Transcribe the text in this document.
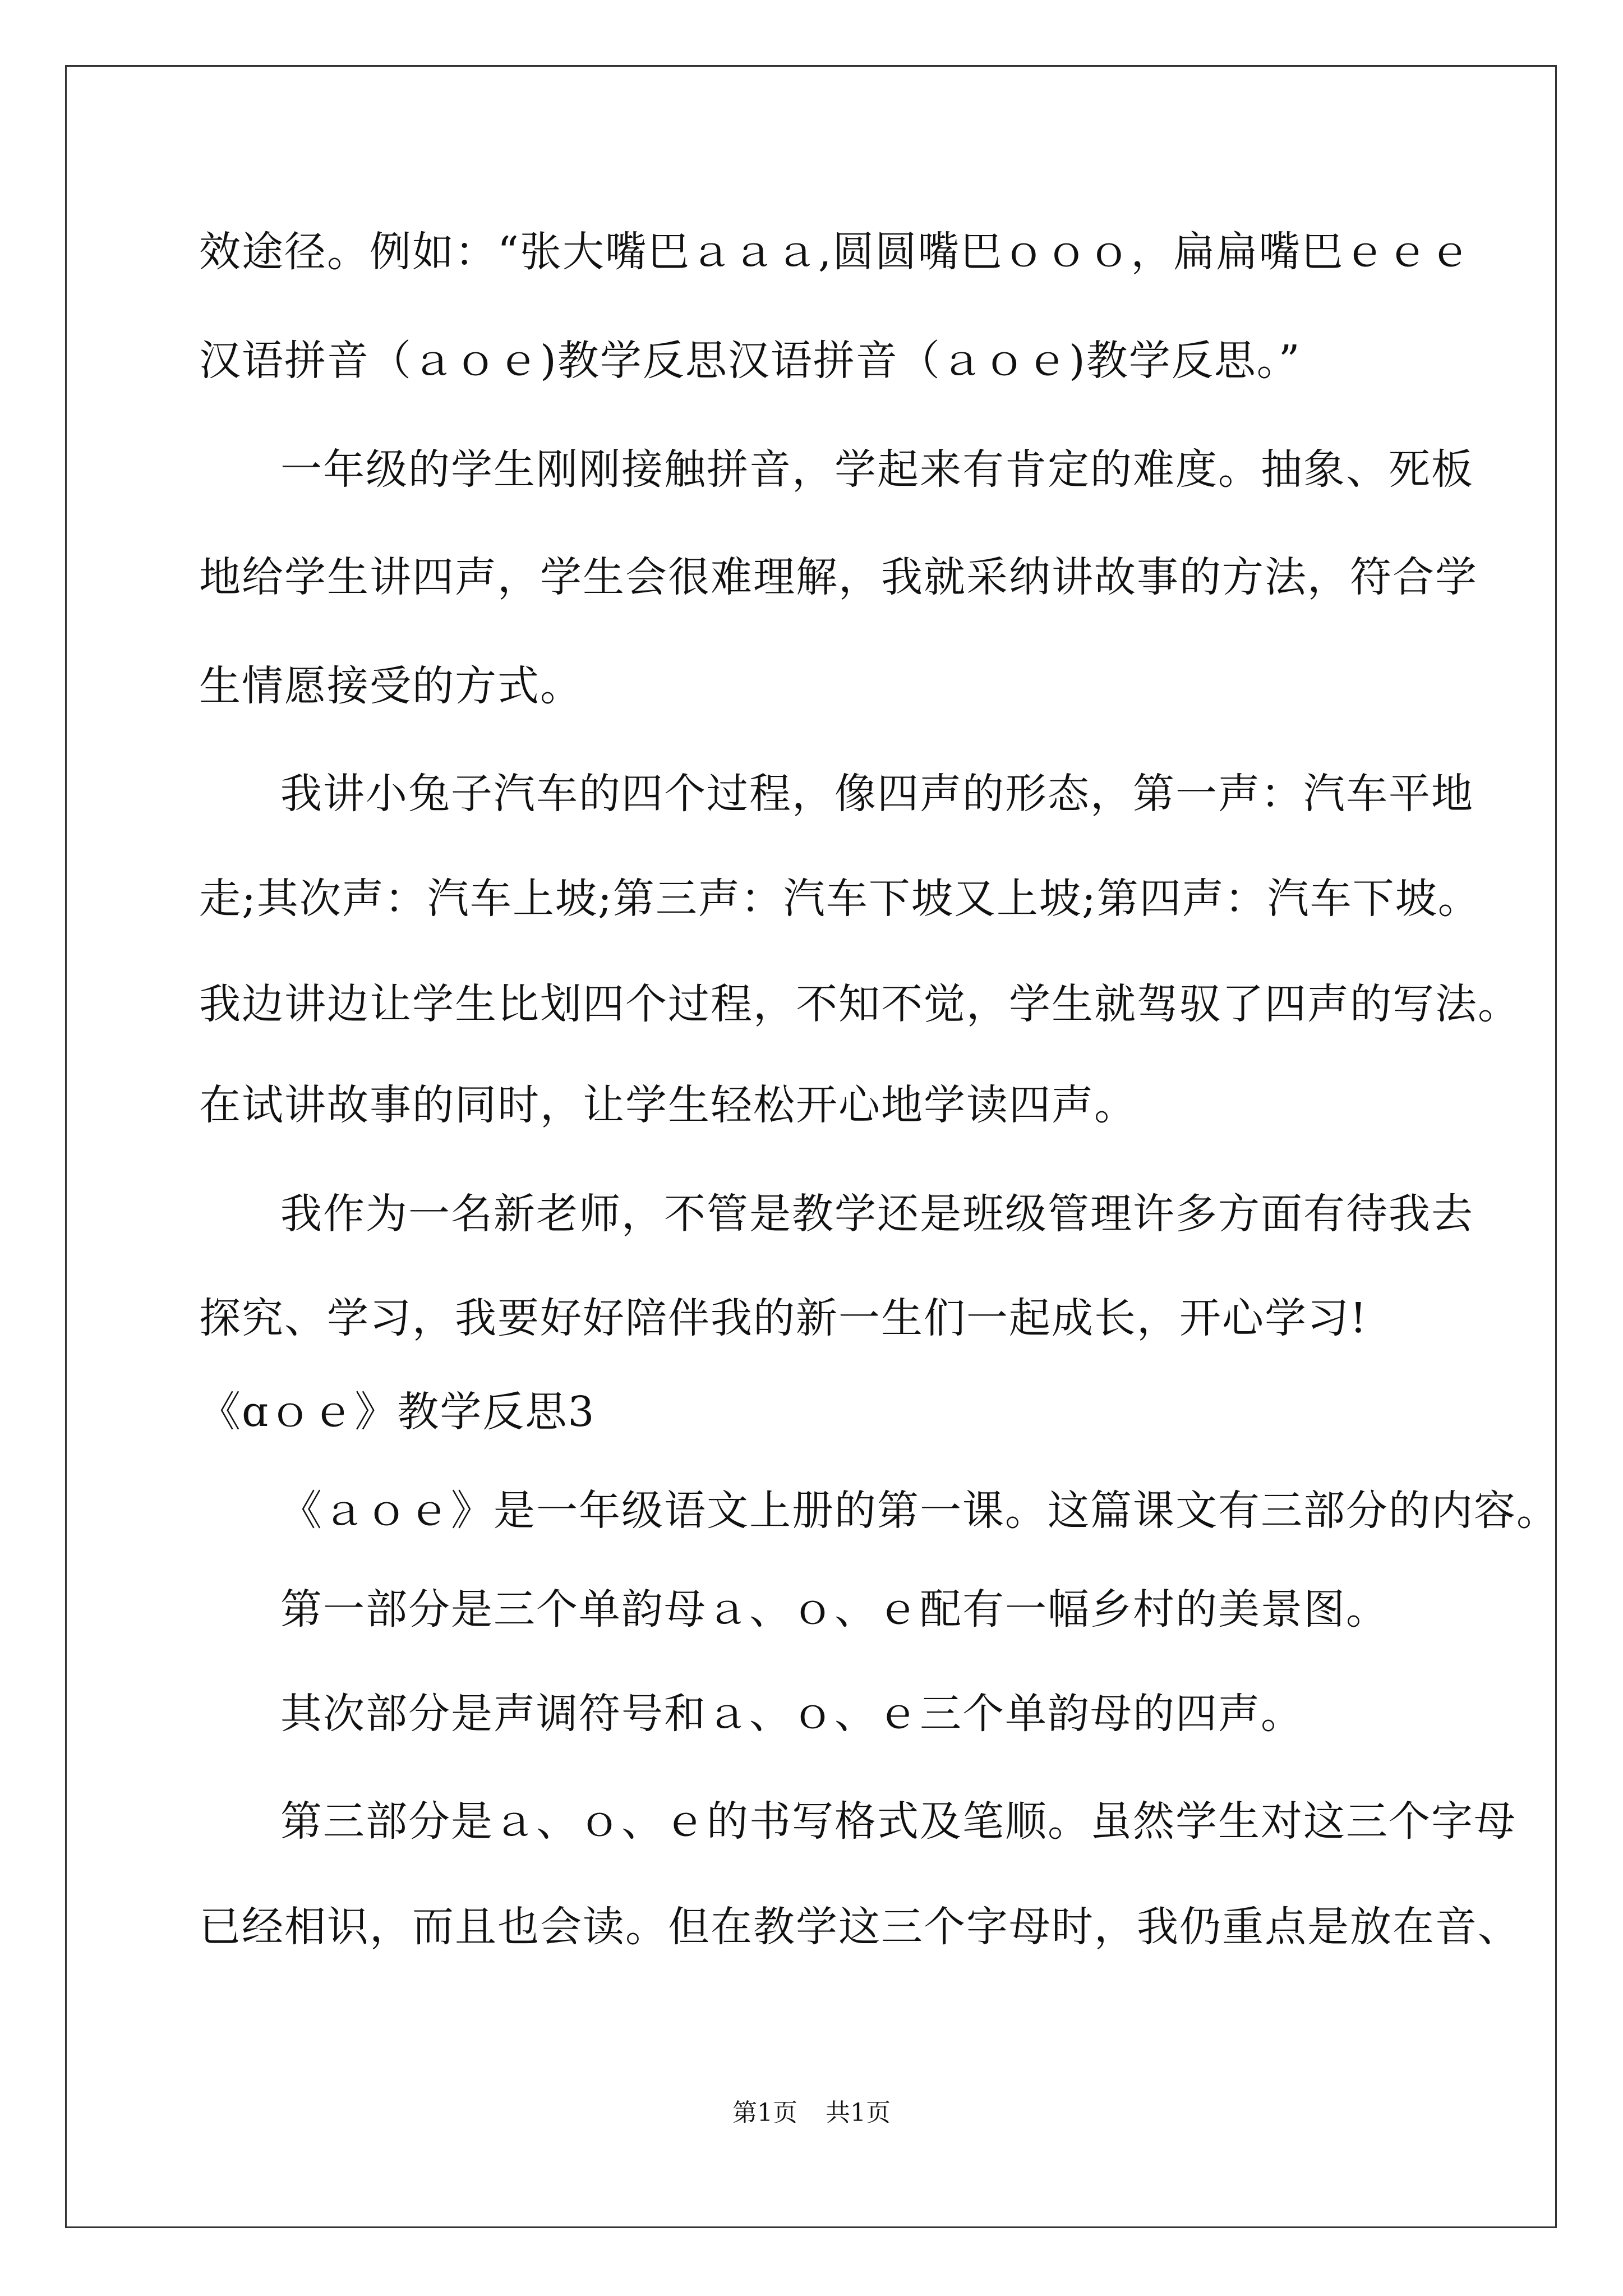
效途径。例如：“张大嘴巴ａａａ,圆圆嘴巴ｏｏｏ，扁扁嘴巴ｅｅｅ
汉语拼音（ａｏｅ)教学反思汉语拼音（ａｏｅ)教学反思。”
一年级的学生刚刚接触拼音，学起来有肯定的难度。抽象、死板
地给学生讲四声，学生会很难理解，我就采纳讲故事的方法，符合学
生情愿接受的方式。
我讲小兔子汽车的四个过程，像四声的形态，第一声：汽车平地
走;其次声：汽车上坡;第三声：汽车下坡又上坡;第四声：汽车下坡。
我边讲边让学生比划四个过程，不知不觉，学生就驾驭了四声的写法。
在试讲故事的同时，让学生轻松开心地学读四声。
我作为一名新老师，不管是教学还是班级管理许多方面有待我去
探究、学习，我要好好陪伴我的新一生们一起成长，开心学习!
《ɑｏｅ》教学反思3
《ａｏｅ》是一年级语文上册的第一课。这篇课文有三部分的内容。
第一部分是三个单韵母ａ、ｏ、ｅ配有一幅乡村的美景图。
其次部分是声调符号和ａ、ｏ、ｅ三个单韵母的四声。
第三部分是ａ、ｏ、ｅ的书写格式及笔顺。虽然学生对这三个字母
已经相识，而且也会读。但在教学这三个字母时，我仍重点是放在音、
第1页 共1页
